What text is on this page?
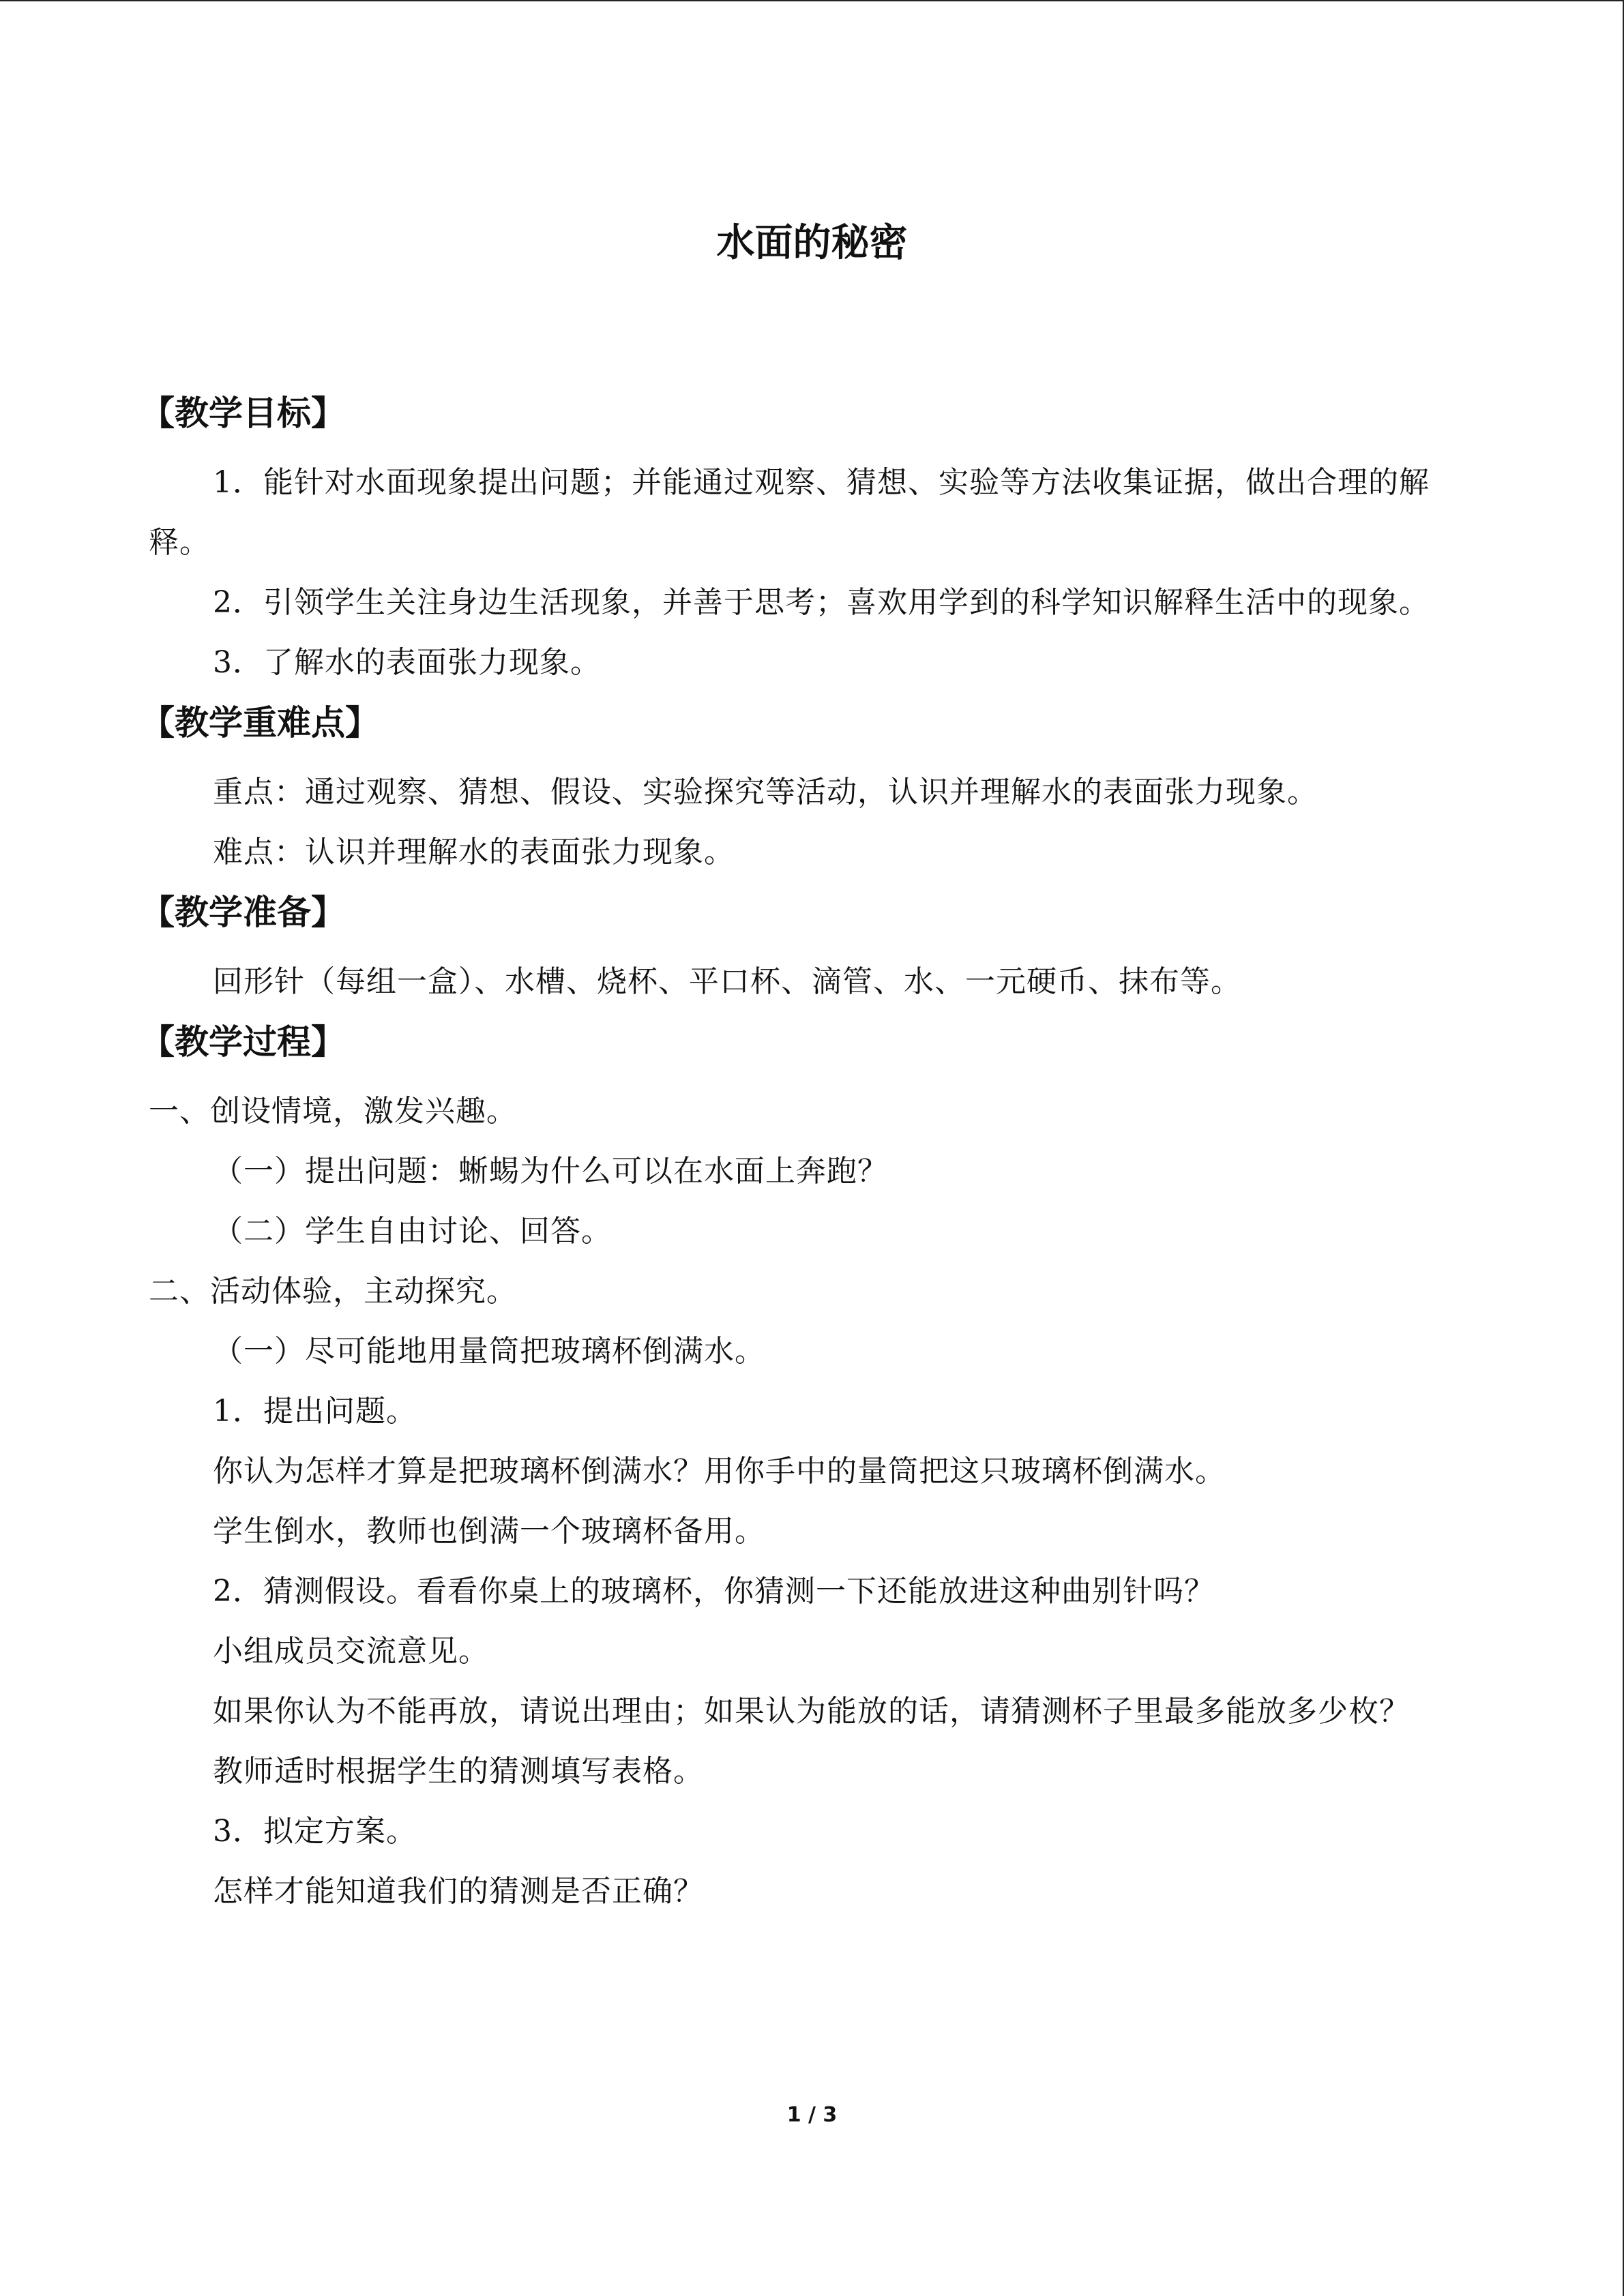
水面的秘密
【教学目标】

1．能针对水面现象提出问题；并能通过观察、猜想、实验等方法收集证据，做出合理的解释。

2．引领学生关注身边生活现象，并善于思考；喜欢用学到的科学知识解释生活中的现象。

3．了解水的表面张力现象。

【教学重难点】

重点：通过观察、猜想、假设、实验探究等活动，认识并理解水的表面张力现象。

难点：认识并理解水的表面张力现象。

【教学准备】

回形针（每组一盒）、水槽、烧杯、平口杯、滴管、水、一元硬币、抹布等。

【教学过程】

一、创设情境，激发兴趣。

（一）提出问题：蜥蜴为什么可以在水面上奔跑？

（二）学生自由讨论、回答。

二、活动体验，主动探究。

（一）尽可能地用量筒把玻璃杯倒满水。

1．提出问题。

你认为怎样才算是把玻璃杯倒满水？用你手中的量筒把这只玻璃杯倒满水。

学生倒水，教师也倒满一个玻璃杯备用。

2．猜测假设。看看你桌上的玻璃杯，你猜测一下还能放进这种曲别针吗？

小组成员交流意见。

如果你认为不能再放，请说出理由；如果认为能放的话，请猜测杯子里最多能放多少枚？

教师适时根据学生的猜测填写表格。

3．拟定方案。

怎样才能知道我们的猜测是否正确？

1 / 3
